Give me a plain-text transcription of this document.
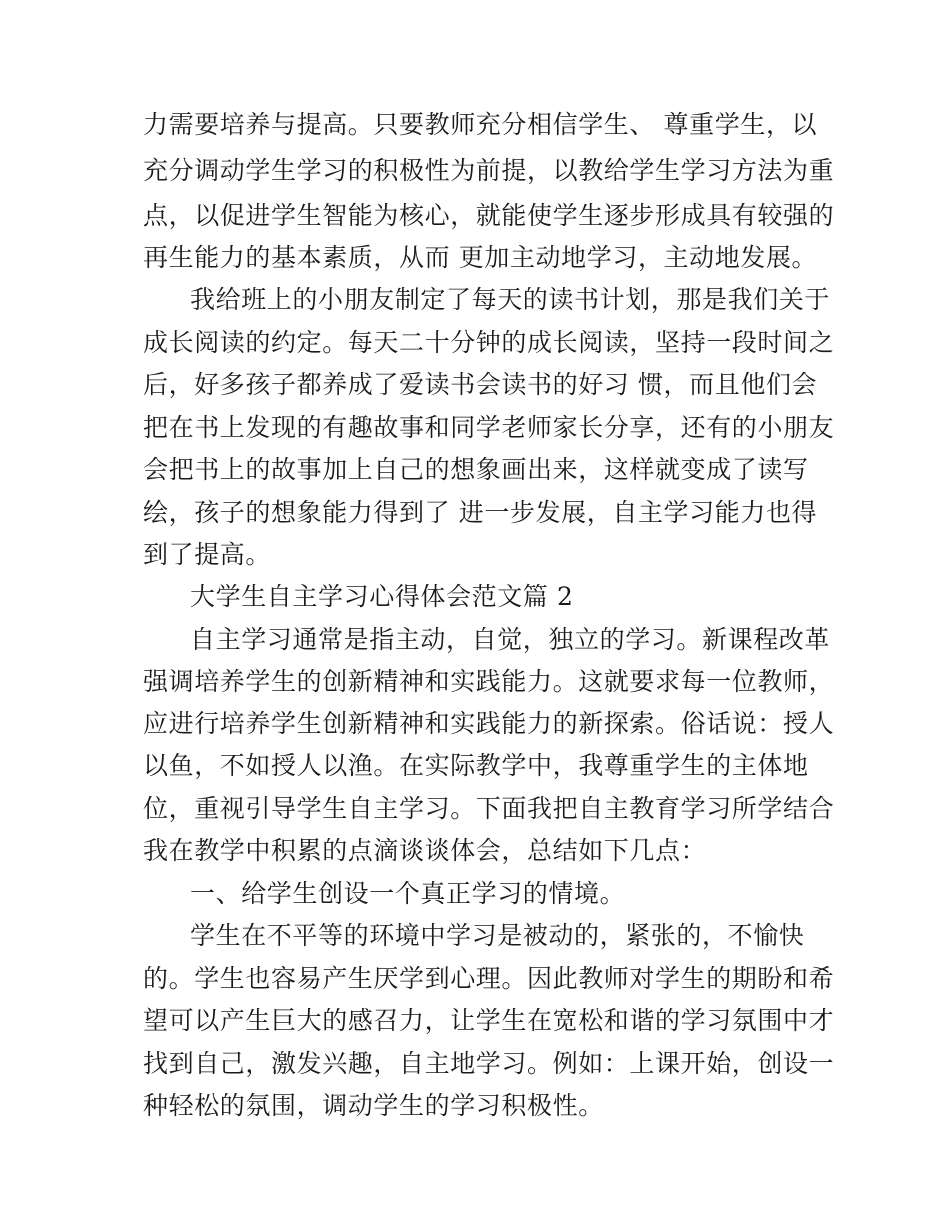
力需要培养与提高。只要教师充分相信学生、 尊重学生，以
充分调动学生学习的积极性为前提，以教给学生学习方法为重
点，以促进学生智能为核心，就能使学生逐步形成具有较强的
再生能力的基本素质，从而 更加主动地学习，主动地发展。
我给班上的小朋友制定了每天的读书计划，那是我们关于
成长阅读的约定。每天二十分钟的成长阅读，坚持一段时间之
后，好多孩子都养成了爱读书会读书的好习 惯，而且他们会
把在书上发现的有趣故事和同学老师家长分享，还有的小朋友
会把书上的故事加上自己的想象画出来，这样就变成了读写
绘，孩子的想象能力得到了 进一步发展，自主学习能力也得
到了提高。
大学生自主学习心得体会范文篇 2
自主学习通常是指主动，自觉，独立的学习。新课程改革
强调培养学生的创新精神和实践能力。这就要求每一位教师，
应进行培养学生创新精神和实践能力的新探索。俗话说：授人
以鱼，不如授人以渔。在实际教学中，我尊重学生的主体地
位，重视引导学生自主学习。下面我把自主教育学习所学结合
我在教学中积累的点滴谈谈体会，总结如下几点：
一、给学生创设一个真正学习的情境。
学生在不平等的环境中学习是被动的，紧张的，不愉快
的。学生也容易产生厌学到心理。因此教师对学生的期盼和希
望可以产生巨大的感召力，让学生在宽松和谐的学习氛围中才
找到自己，激发兴趣，自主地学习。例如：上课开始，创设一
种轻松的氛围，调动学生的学习积极性。
